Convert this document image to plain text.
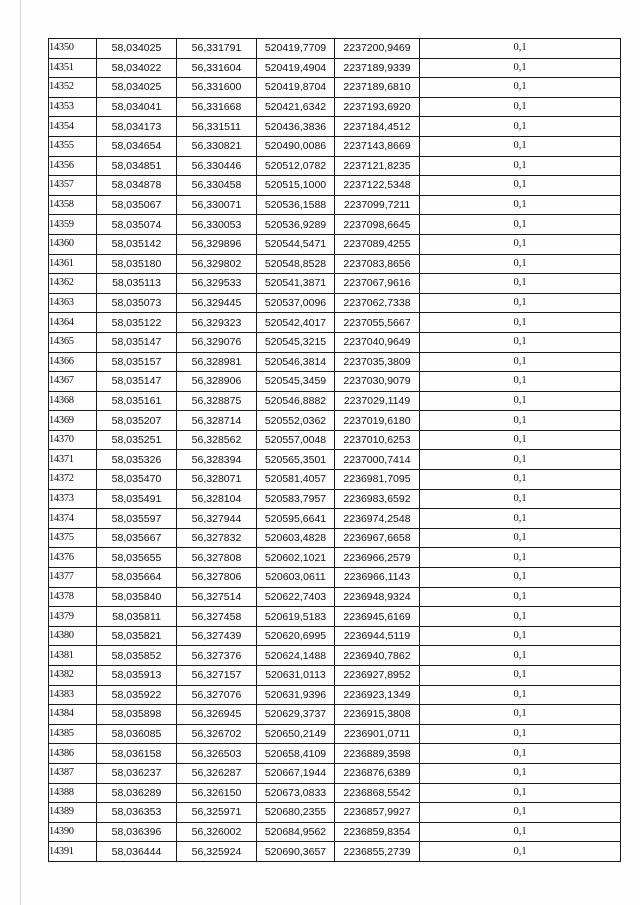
14350	58,034025	56,331791	520419,7709	2237200,9469	0,1
14351	58,034022	56,331604	520419,4904	2237189,9339	0,1
14352	58,034025	56,331600	520419,8704	2237189,6810	0,1
14353	58,034041	56,331668	520421,6342	2237193,6920	0,1
14354	58,034173	56,331511	520436,3836	2237184,4512	0,1
14355	58,034654	56,330821	520490,0086	2237143,8669	0,1
14356	58,034851	56,330446	520512,0782	2237121,8235	0,1
14357	58,034878	56,330458	520515,1000	2237122,5348	0,1
14358	58,035067	56,330071	520536,1588	2237099,7211	0,1
14359	58,035074	56,330053	520536,9289	2237098,6645	0,1
14360	58,035142	56,329896	520544,5471	2237089,4255	0,1
14361	58,035180	56,329802	520548,8528	2237083,8656	0,1
14362	58,035113	56,329533	520541,3871	2237067,9616	0,1
14363	58,035073	56,329445	520537,0096	2237062,7338	0,1
14364	58,035122	56,329323	520542,4017	2237055,5667	0,1
14365	58,035147	56,329076	520545,3215	2237040,9649	0,1
14366	58,035157	56,328981	520546,3814	2237035,3809	0,1
14367	58,035147	56,328906	520545,3459	2237030,9079	0,1
14368	58,035161	56,328875	520546,8882	2237029,1149	0,1
14369	58,035207	56,328714	520552,0362	2237019,6180	0,1
14370	58,035251	56,328562	520557,0048	2237010,6253	0,1
14371	58,035326	56,328394	520565,3501	2237000,7414	0,1
14372	58,035470	56,328071	520581,4057	2236981,7095	0,1
14373	58,035491	56,328104	520583,7957	2236983,6592	0,1
14374	58,035597	56,327944	520595,6641	2236974,2548	0,1
14375	58,035667	56,327832	520603,4828	2236967,6658	0,1
14376	58,035655	56,327808	520602,1021	2236966,2579	0,1
14377	58,035664	56,327806	520603,0611	2236966,1143	0,1
14378	58,035840	56,327514	520622,7403	2236948,9324	0,1
14379	58,035811	56,327458	520619,5183	2236945,6169	0,1
14380	58,035821	56,327439	520620,6995	2236944,5119	0,1
14381	58,035852	56,327376	520624,1488	2236940,7862	0,1
14382	58,035913	56,327157	520631,0113	2236927,8952	0,1
14383	58,035922	56,327076	520631,9396	2236923,1349	0,1
14384	58,035898	56,326945	520629,3737	2236915,3808	0,1
14385	58,036085	56,326702	520650,2149	2236901,0711	0,1
14386	58,036158	56,326503	520658,4109	2236889,3598	0,1
14387	58,036237	56,326287	520667,1944	2236876,6389	0,1
14388	58,036289	56,326150	520673,0833	2236868,5542	0,1
14389	58,036353	56,325971	520680,2355	2236857,9927	0,1
14390	58,036396	56,326002	520684,9562	2236859,8354	0,1
14391	58,036444	56,325924	520690,3657	2236855,2739	0,1
